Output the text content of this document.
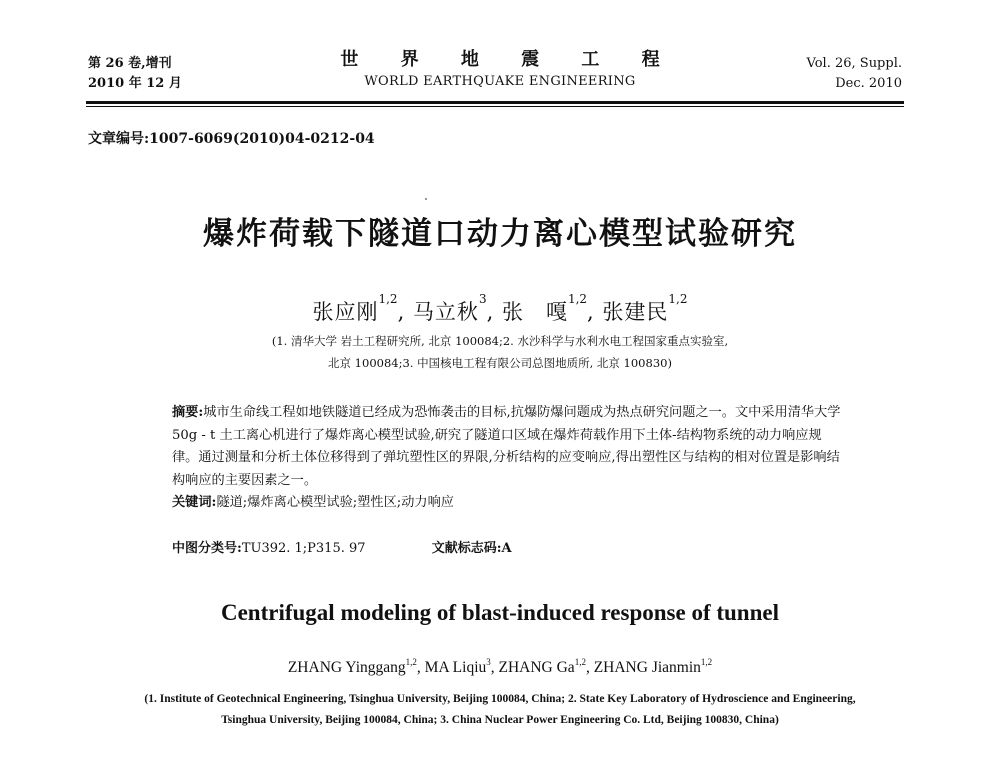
第 26 卷,增刊
2010 年 12 月
世 界 地 震 工 程
WORLD EARTHQUAKE ENGINEERING
Vol. 26, Suppl.
Dec. 2010
文章编号:1007-6069(2010)04-0212-04
爆炸荷载下隧道口动力离心模型试验研究
张应刚$^{1,2}$, 马立秋$^3$, 张　嘎$^{1,2}$, 张建民$^{1,2}$
(1. 清华大学 岩土工程研究所, 北京 100084;2. 水沙科学与水利水电工程国家重点实验室,
北京 100084;3. 中国核电工程有限公司总图地质所, 北京 100830)

摘要:城市生命线工程如地铁隧道已经成为恐怖袭击的目标,抗爆防爆问题成为热点研究问题之一。文中采用清华大学 50g - t 土工离心机进行了爆炸离心模型试验,研究了隧道口区域在爆炸荷载作用下土体-结构物系统的动力响应规律。通过测量和分析土体位移得到了弹坑塑性区的界限,分析结构的应变响应,得出塑性区与结构的相对位置是影响结构响应的主要因素之一。

关键词:隧道;爆炸离心模型试验;塑性区;动力响应

中图分类号:TU392. 1;P315. 97	文献标志码:A
Centrifugal modeling of blast-induced response of tunnel
ZHANG Yinggang$^{1,2}$, MA Liqiu$^3$, ZHANG Ga$^{1,2}$, ZHANG Jianmin$^{1,2}$
(1. Institute of Geotechnical Engineering, Tsinghua University, Beijing 100084, China; 2. State Key Laboratory of Hydroscience and Engineering,
Tsinghua University, Beijing 100084, China; 3. China Nuclear Power Engineering Co. Ltd, Beijing 100830, China)
